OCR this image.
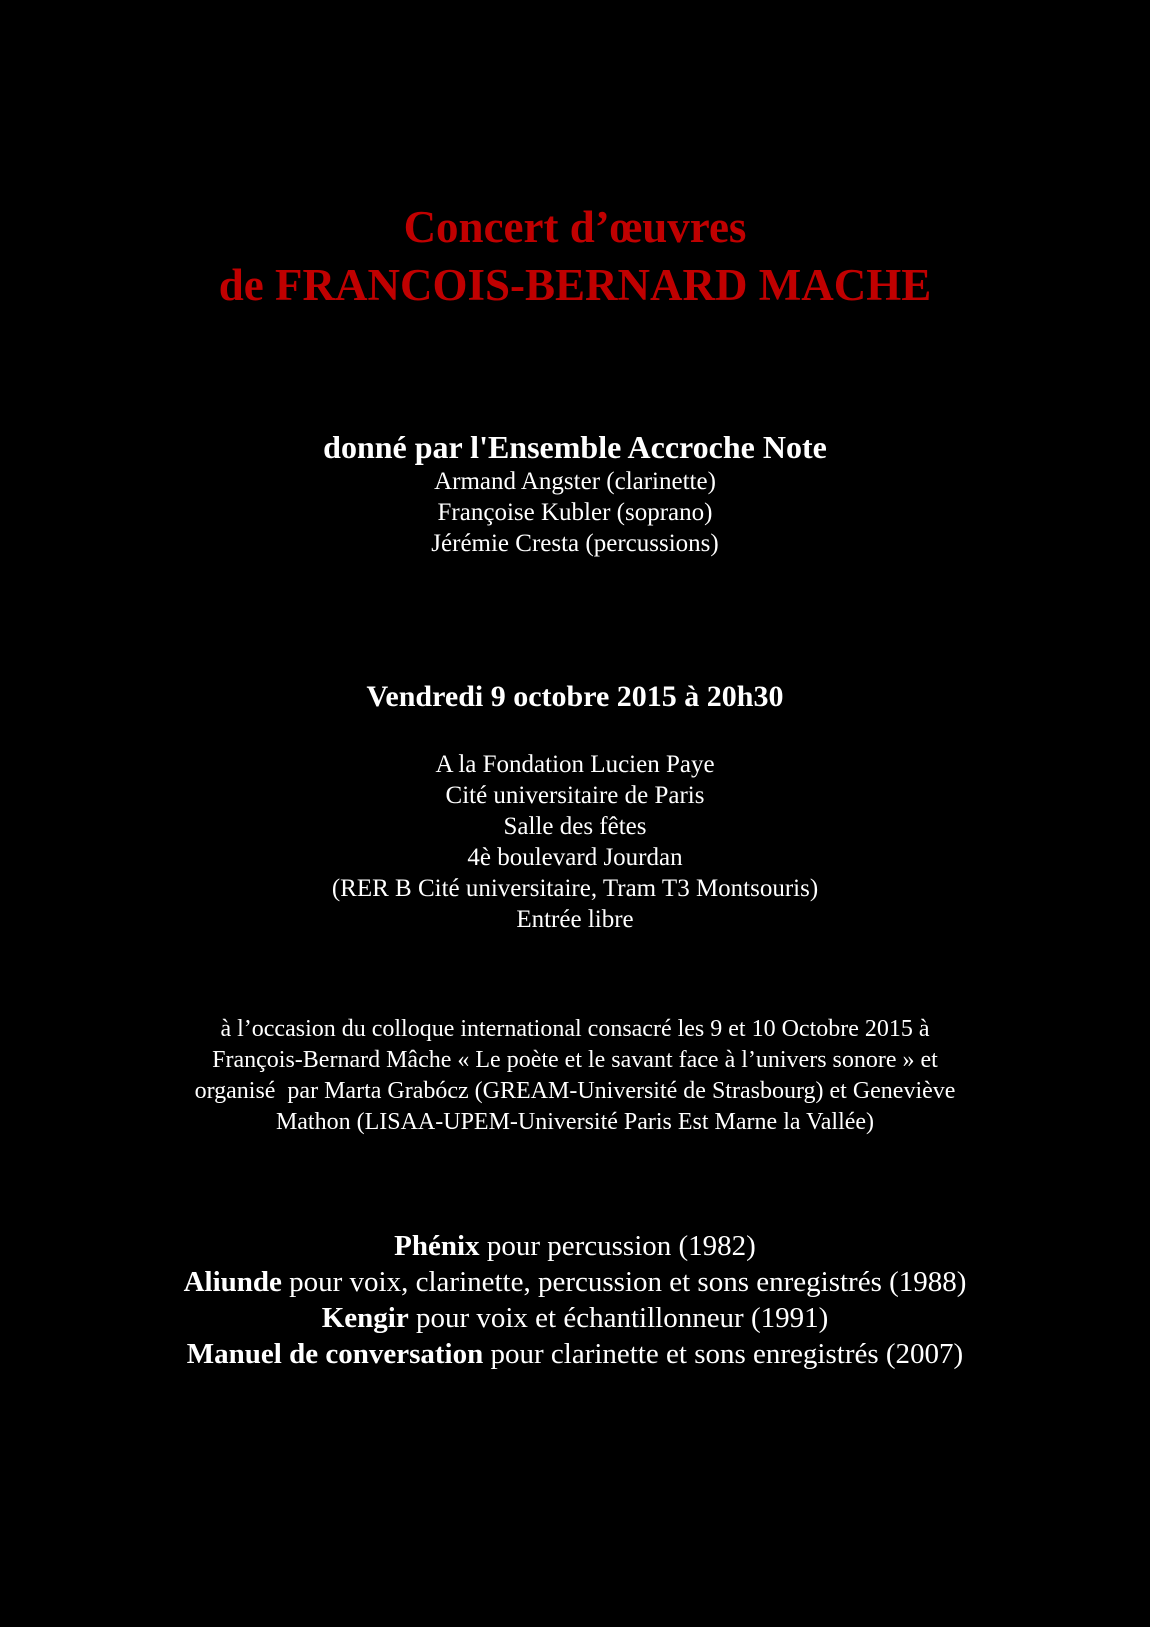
Concert d’œuvres
de FRANCOIS-BERNARD MACHE
donné par l'Ensemble Accroche Note
Armand Angster (clarinette)
Françoise Kubler (soprano)
Jérémie Cresta (percussions)
Vendredi 9 octobre 2015 à 20h30
A la Fondation Lucien Paye
Cité universitaire de Paris
Salle des fêtes
4è boulevard Jourdan
(RER B Cité universitaire, Tram T3 Montsouris)
Entrée libre
à l’occasion du colloque international consacré les 9 et 10 Octobre 2015 à
François-Bernard Mâche « Le poète et le savant face à l’univers sonore » et
organisé  par Marta Grabócz (GREAM-Université de Strasbourg) et Geneviève
Mathon (LISAA-UPEM-Université Paris Est Marne la Vallée)
Phénix pour percussion (1982)
Aliunde pour voix, clarinette, percussion et sons enregistrés (1988)
Kengir pour voix et échantillonneur (1991)
Manuel de conversation pour clarinette et sons enregistrés (2007)
